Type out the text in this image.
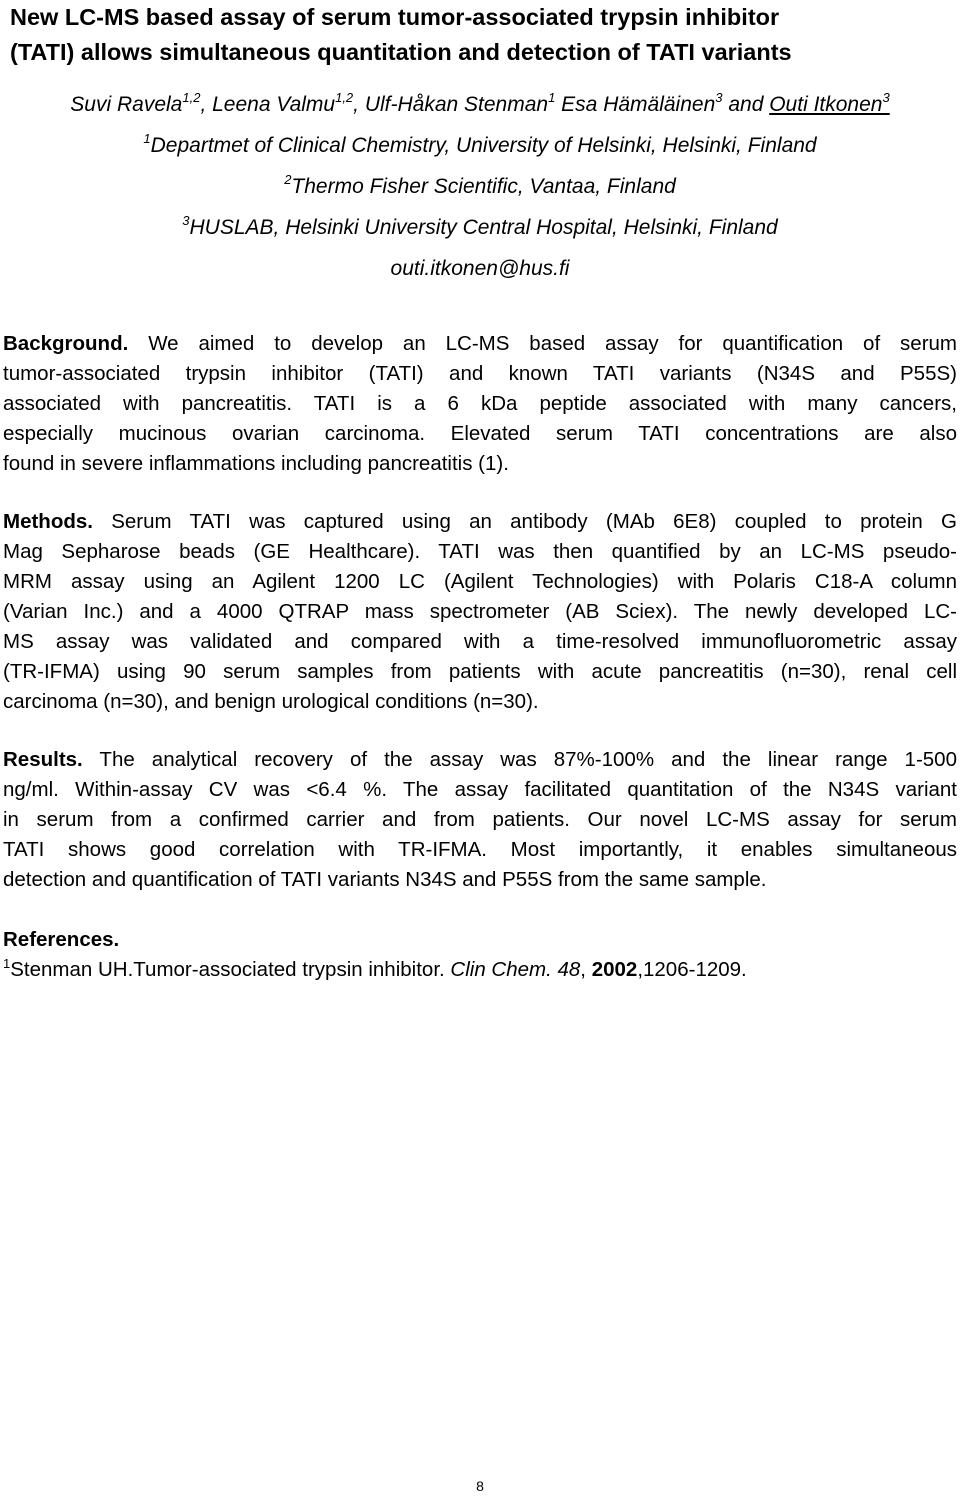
New LC-MS based assay of serum tumor-associated trypsin inhibitor
(TATI) allows simultaneous quantitation and detection of TATI variants
Suvi Ravela$^{1,2}$, Leena Valmu$^{1,2}$, Ulf-Håkan Stenman$^1$ Esa Hämäläinen$^3$ and Outi Itkonen$^3$
$^1$Departmet of Clinical Chemistry, University of Helsinki, Helsinki, Finland
$^2$Thermo Fisher Scientific, Vantaa, Finland
$^3$HUSLAB, Helsinki University Central Hospital, Helsinki, Finland
outi.itkonen@hus.fi
Background. We aimed to develop an LC-MS based assay for quantification of serum
tumor-associated trypsin inhibitor (TATI) and known TATI variants (N34S and P55S)
associated with pancreatitis. TATI is a 6 kDa peptide associated with many cancers,
especially mucinous ovarian carcinoma. Elevated serum TATI concentrations are also
found in severe inflammations including pancreatitis (1).
Methods. Serum TATI was captured using an antibody (MAb 6E8) coupled to protein G
Mag Sepharose beads (GE Healthcare). TATI was then quantified by an LC-MS pseudo-
MRM assay using an Agilent 1200 LC (Agilent Technologies) with Polaris C18-A column
(Varian Inc.) and a 4000 QTRAP mass spectrometer (AB Sciex). The newly developed LC-
MS assay was validated and compared with a time-resolved immunofluorometric assay
(TR-IFMA) using 90 serum samples from patients with acute pancreatitis (n=30), renal cell
carcinoma (n=30), and benign urological conditions (n=30).
Results. The analytical recovery of the assay was 87%-100% and the linear range 1-500
ng/ml. Within-assay CV was <6.4 %. The assay facilitated quantitation of the N34S variant
in serum from a confirmed carrier and from patients. Our novel LC-MS assay for serum
TATI shows good correlation with TR-IFMA. Most importantly, it enables simultaneous
detection and quantification of TATI variants N34S and P55S from the same sample.
References.
$^1$Stenman UH.Tumor-associated trypsin inhibitor. Clin Chem. 48, 2002,1206-1209.
8
